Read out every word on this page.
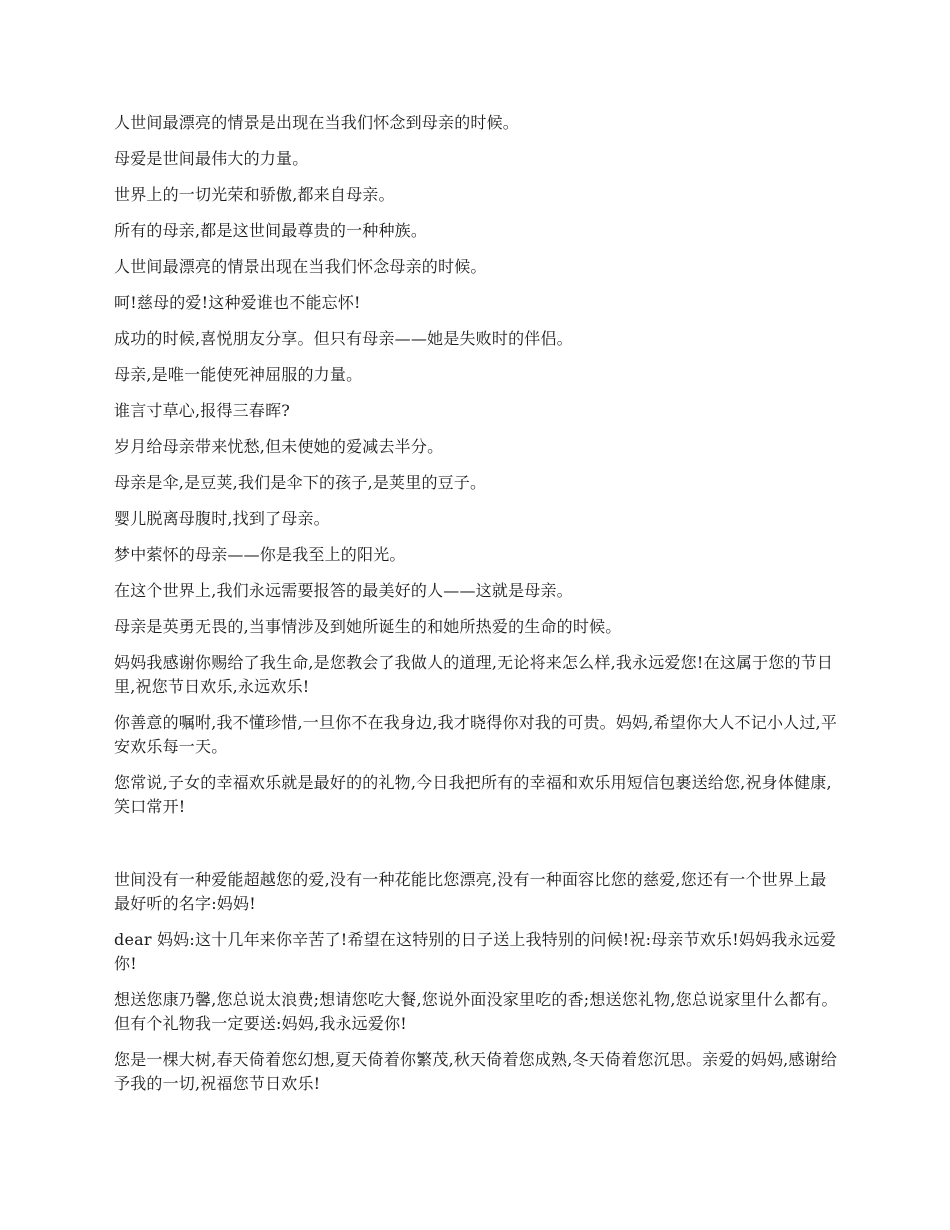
人世间最漂亮的情景是出现在当我们怀念到母亲的时候。

母爱是世间最伟大的力量。

世界上的一切光荣和骄傲,都来自母亲。

所有的母亲,都是这世间最尊贵的一种种族。

人世间最漂亮的情景出现在当我们怀念母亲的时候。

呵!慈母的爱!这种爱谁也不能忘怀!

成功的时候,喜悦朋友分享。但只有母亲——她是失败时的伴侣。

母亲,是唯一能使死神屈服的力量。

谁言寸草心,报得三春晖?

岁月给母亲带来忧愁,但未使她的爱减去半分。

母亲是伞,是豆荚,我们是伞下的孩子,是荚里的豆子。

婴儿脱离母腹时,找到了母亲。

梦中萦怀的母亲——你是我至上的阳光。

在这个世界上,我们永远需要报答的最美好的人——这就是母亲。

母亲是英勇无畏的,当事情涉及到她所诞生的和她所热爱的生命的时候。

妈妈我感谢你赐给了我生命,是您教会了我做人的道理,无论将来怎么样,我永远爱您!在这属于您的节日里,祝您节日欢乐,永远欢乐!

你善意的嘱咐,我不懂珍惜,一旦你不在我身边,我才晓得你对我的可贵。妈妈,希望你大人不记小人过,平安欢乐每一天。

您常说,子女的幸福欢乐就是最好的的礼物,今日我把所有的幸福和欢乐用短信包裹送给您,祝身体健康,笑口常开!

世间没有一种爱能超越您的爱,没有一种花能比您漂亮,没有一种面容比您的慈爱,您还有一个世界上最最好听的名字:妈妈!

dear 妈妈:这十几年来你辛苦了!希望在这特别的日子送上我特别的问候!祝:母亲节欢乐!妈妈我永远爱你!

想送您康乃馨,您总说太浪费;想请您吃大餐,您说外面没家里吃的香;想送您礼物,您总说家里什么都有。但有个礼物我一定要送:妈妈,我永远爱你!

您是一棵大树,春天倚着您幻想,夏天倚着你繁茂,秋天倚着您成熟,冬天倚着您沉思。亲爱的妈妈,感谢给予我的一切,祝福您节日欢乐!
